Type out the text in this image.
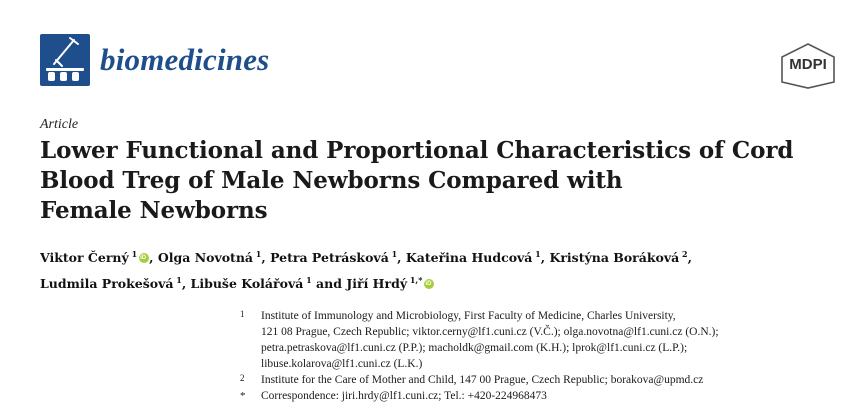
biomedicines	MDPI
Article
Lower Functional and Proportional Characteristics of Cord
Blood Treg of Male Newborns Compared with
Female Newborns
Viktor Černý $^1$iD , Olga Novotná $^1$, Petra Petrásková $^1$, Kateřina Hudcová $^1$, Kristýna Boráková $^2$,
Ludmila Prokešová $^1$, Libuše Kolářová $^1$ and Jiří Hrdý $^{1,*}$iD
1 Institute of Immunology and Microbiology, First Faculty of Medicine, Charles University,
121 08 Prague, Czech Republic; viktor.cerny@lf1.cuni.cz (V.Č.); olga.novotna@lf1.cuni.cz (O.N.);
petra.petraskova@lf1.cuni.cz (P.P.); macholdk@gmail.com (K.H.); lprok@lf1.cuni.cz (L.P.);
libuse.kolarova@lf1.cuni.cz (L.K.)
2 Institute for the Care of Mother and Child, 147 00 Prague, Czech Republic; borakova@upmd.cz
* Correspondence: jiri.hrdy@lf1.cuni.cz; Tel.: +420-224968473
